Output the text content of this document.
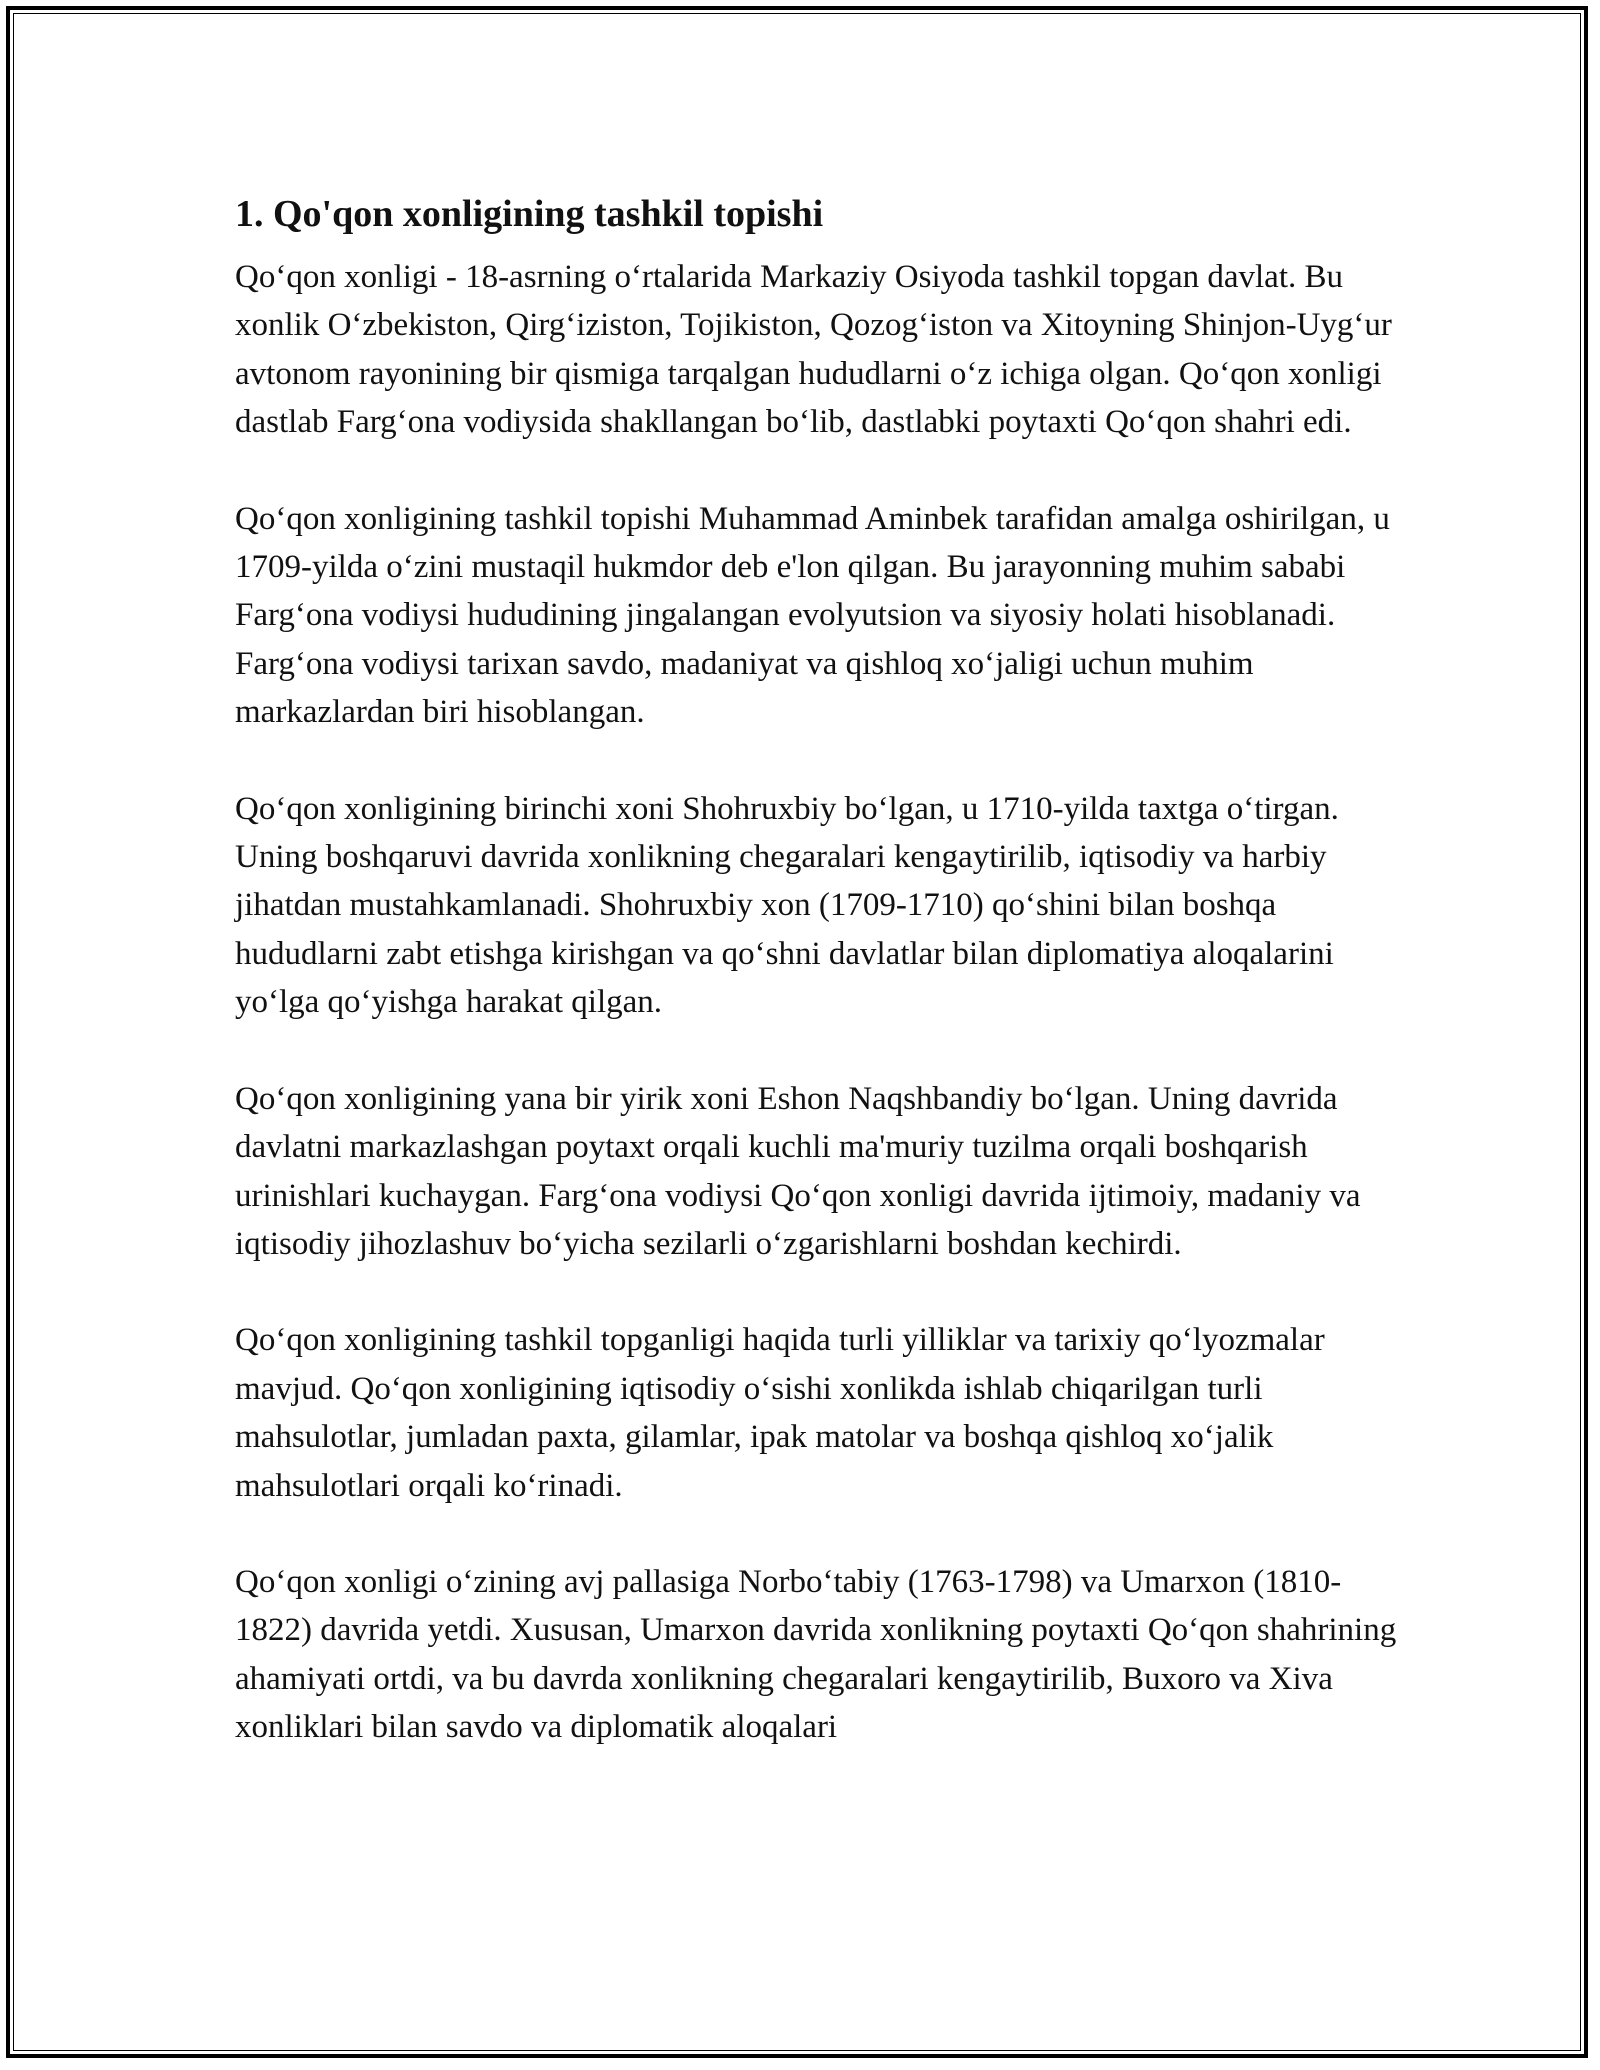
1. Qo'qon xonligining tashkil topishi

Qo‘qon xonligi - 18-asrning o‘rtalarida Markaziy Osiyoda tashkil topgan davlat. Bu xonlik O‘zbekiston, Qirg‘iziston, Tojikiston, Qozog‘iston va Xitoyning Shinjon-Uyg‘ur avtonom rayonining bir qismiga tarqalgan hududlarni o‘z ichiga olgan. Qo‘qon xonligi dastlab Farg‘ona vodiysida shakllangan bo‘lib, dastlabki poytaxti Qo‘qon shahri edi.

Qo‘qon xonligining tashkil topishi Muhammad Aminbek tarafidan amalga oshirilgan, u 1709-yilda o‘zini mustaqil hukmdor deb e'lon qilgan. Bu jarayonning muhim sababi Farg‘ona vodiysi hududining jingalangan evolyutsion va siyosiy holati hisoblanadi. Farg‘ona vodiysi tarixan savdo, madaniyat va qishloq xo‘jaligi uchun muhim markazlardan biri hisoblangan.

Qo‘qon xonligining birinchi xoni Shohruxbiy bo‘lgan, u 1710-yilda taxtga o‘tirgan. Uning boshqaruvi davrida xonlikning chegaralari kengaytirilib, iqtisodiy va harbiy jihatdan mustahkamlanadi. Shohruxbiy xon (1709-1710) qo‘shini bilan boshqa hududlarni zabt etishga kirishgan va qo‘shni davlatlar bilan diplomatiya aloqalarini yo‘lga qo‘yishga harakat qilgan.

Qo‘qon xonligining yana bir yirik xoni Eshon Naqshbandiy bo‘lgan. Uning davrida davlatni markazlashgan poytaxt orqali kuchli ma'muriy tuzilma orqali boshqarish urinishlari kuchaygan. Farg‘ona vodiysi Qo‘qon xonligi davrida ijtimoiy, madaniy va iqtisodiy jihozlashuv bo‘yicha sezilarli o‘zgarishlarni boshdan kechirdi.

Qo‘qon xonligining tashkil topganligi haqida turli yilliklar va tarixiy qo‘lyozmalar mavjud. Qo‘qon xonligining iqtisodiy o‘sishi xonlikda ishlab chiqarilgan turli mahsulotlar, jumladan paxta, gilamlar, ipak matolar va boshqa qishloq xo‘jalik mahsulotlari orqali ko‘rinadi.

Qo‘qon xonligi o‘zining avj pallasiga Norbo‘tabiy (1763-1798) va Umarxon (1810-1822) davrida yetdi. Xususan, Umarxon davrida xonlikning poytaxti Qo‘qon shahrining ahamiyati ortdi, va bu davrda xonlikning chegaralari kengaytirilib, Buxoro va Xiva xonliklari bilan savdo va diplomatik aloqalari
